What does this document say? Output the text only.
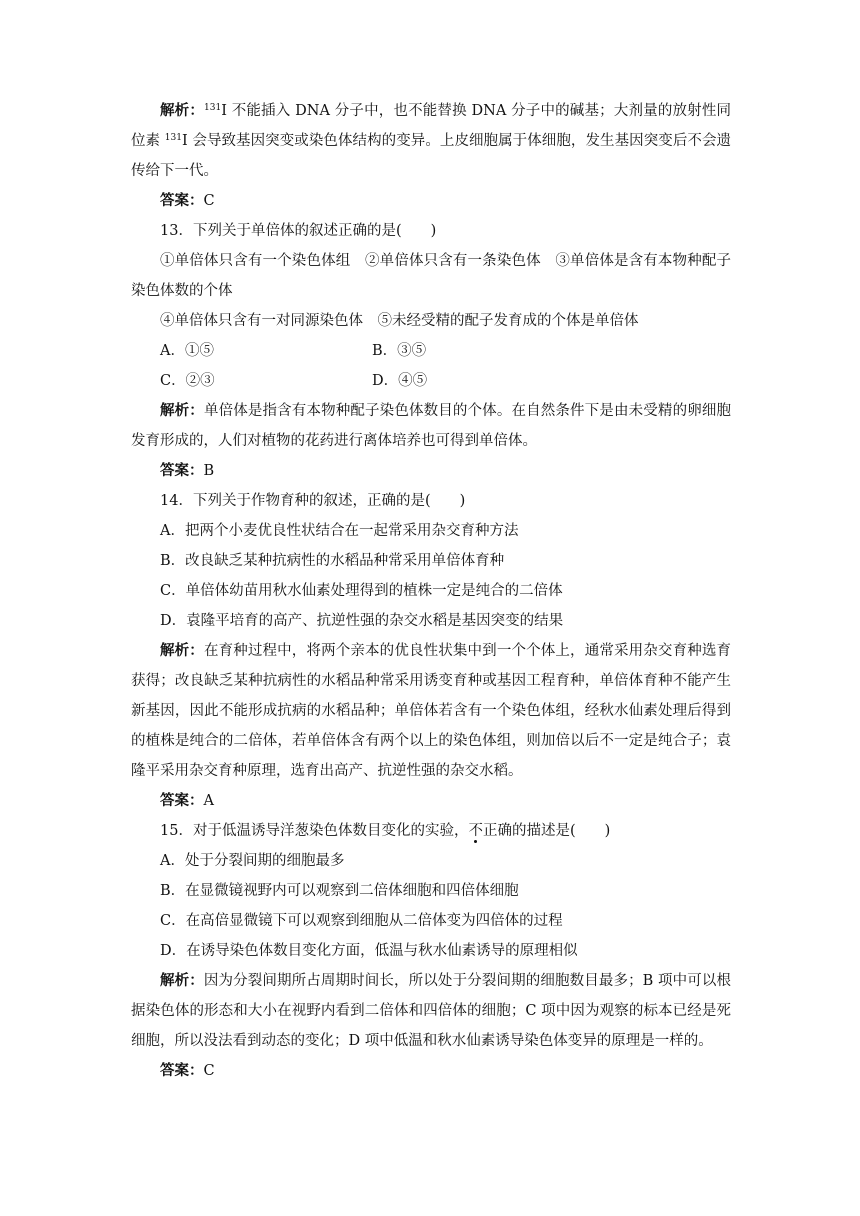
解析：$^{131}$I 不能插入 DNA 分子中，也不能替换 DNA 分子中的碱基；大剂量的放射性同位素 $^{131}$I 会导致基因突变或染色体结构的变异。上皮细胞属于体细胞，发生基因突变后不会遗传给下一代。

答案：C

13．下列关于单倍体的叙述正确的是(　　)

①单倍体只含有一个染色体组　②单倍体只含有一条染色体　③单倍体是含有本物种配子染色体数的个体

④单倍体只含有一对同源染色体　⑤未经受精的配子发育成的个体是单倍体

A．①⑤	B．③⑤
C．②③	D．④⑤

解析：单倍体是指含有本物种配子染色体数目的个体。在自然条件下是由未受精的卵细胞发育形成的，人们对植物的花药进行离体培养也可得到单倍体。

答案：B

14．下列关于作物育种的叙述，正确的是(　　)

A．把两个小麦优良性状结合在一起常采用杂交育种方法

B．改良缺乏某种抗病性的水稻品种常采用单倍体育种

C．单倍体幼苗用秋水仙素处理得到的植株一定是纯合的二倍体

D．袁隆平培育的高产、抗逆性强的杂交水稻是基因突变的结果

解析：在育种过程中，将两个亲本的优良性状集中到一个个体上，通常采用杂交育种选育获得；改良缺乏某种抗病性的水稻品种常采用诱变育种或基因工程育种，单倍体育种不能产生新基因，因此不能形成抗病的水稻品种；单倍体若含有一个染色体组，经秋水仙素处理后得到的植株是纯合的二倍体，若单倍体含有两个以上的染色体组，则加倍以后不一定是纯合子；袁隆平采用杂交育种原理，选育出高产、抗逆性强的杂交水稻。

答案：A

15．对于低温诱导洋葱染色体数目变化的实验，不正确的描述是(　　)

A．处于分裂间期的细胞最多

B．在显微镜视野内可以观察到二倍体细胞和四倍体细胞

C．在高倍显微镜下可以观察到细胞从二倍体变为四倍体的过程

D．在诱导染色体数目变化方面，低温与秋水仙素诱导的原理相似

解析：因为分裂间期所占周期时间长，所以处于分裂间期的细胞数目最多；B 项中可以根据染色体的形态和大小在视野内看到二倍体和四倍体的细胞；C 项中因为观察的标本已经是死细胞，所以没法看到动态的变化；D 项中低温和秋水仙素诱导染色体变异的原理是一样的。

答案：C
